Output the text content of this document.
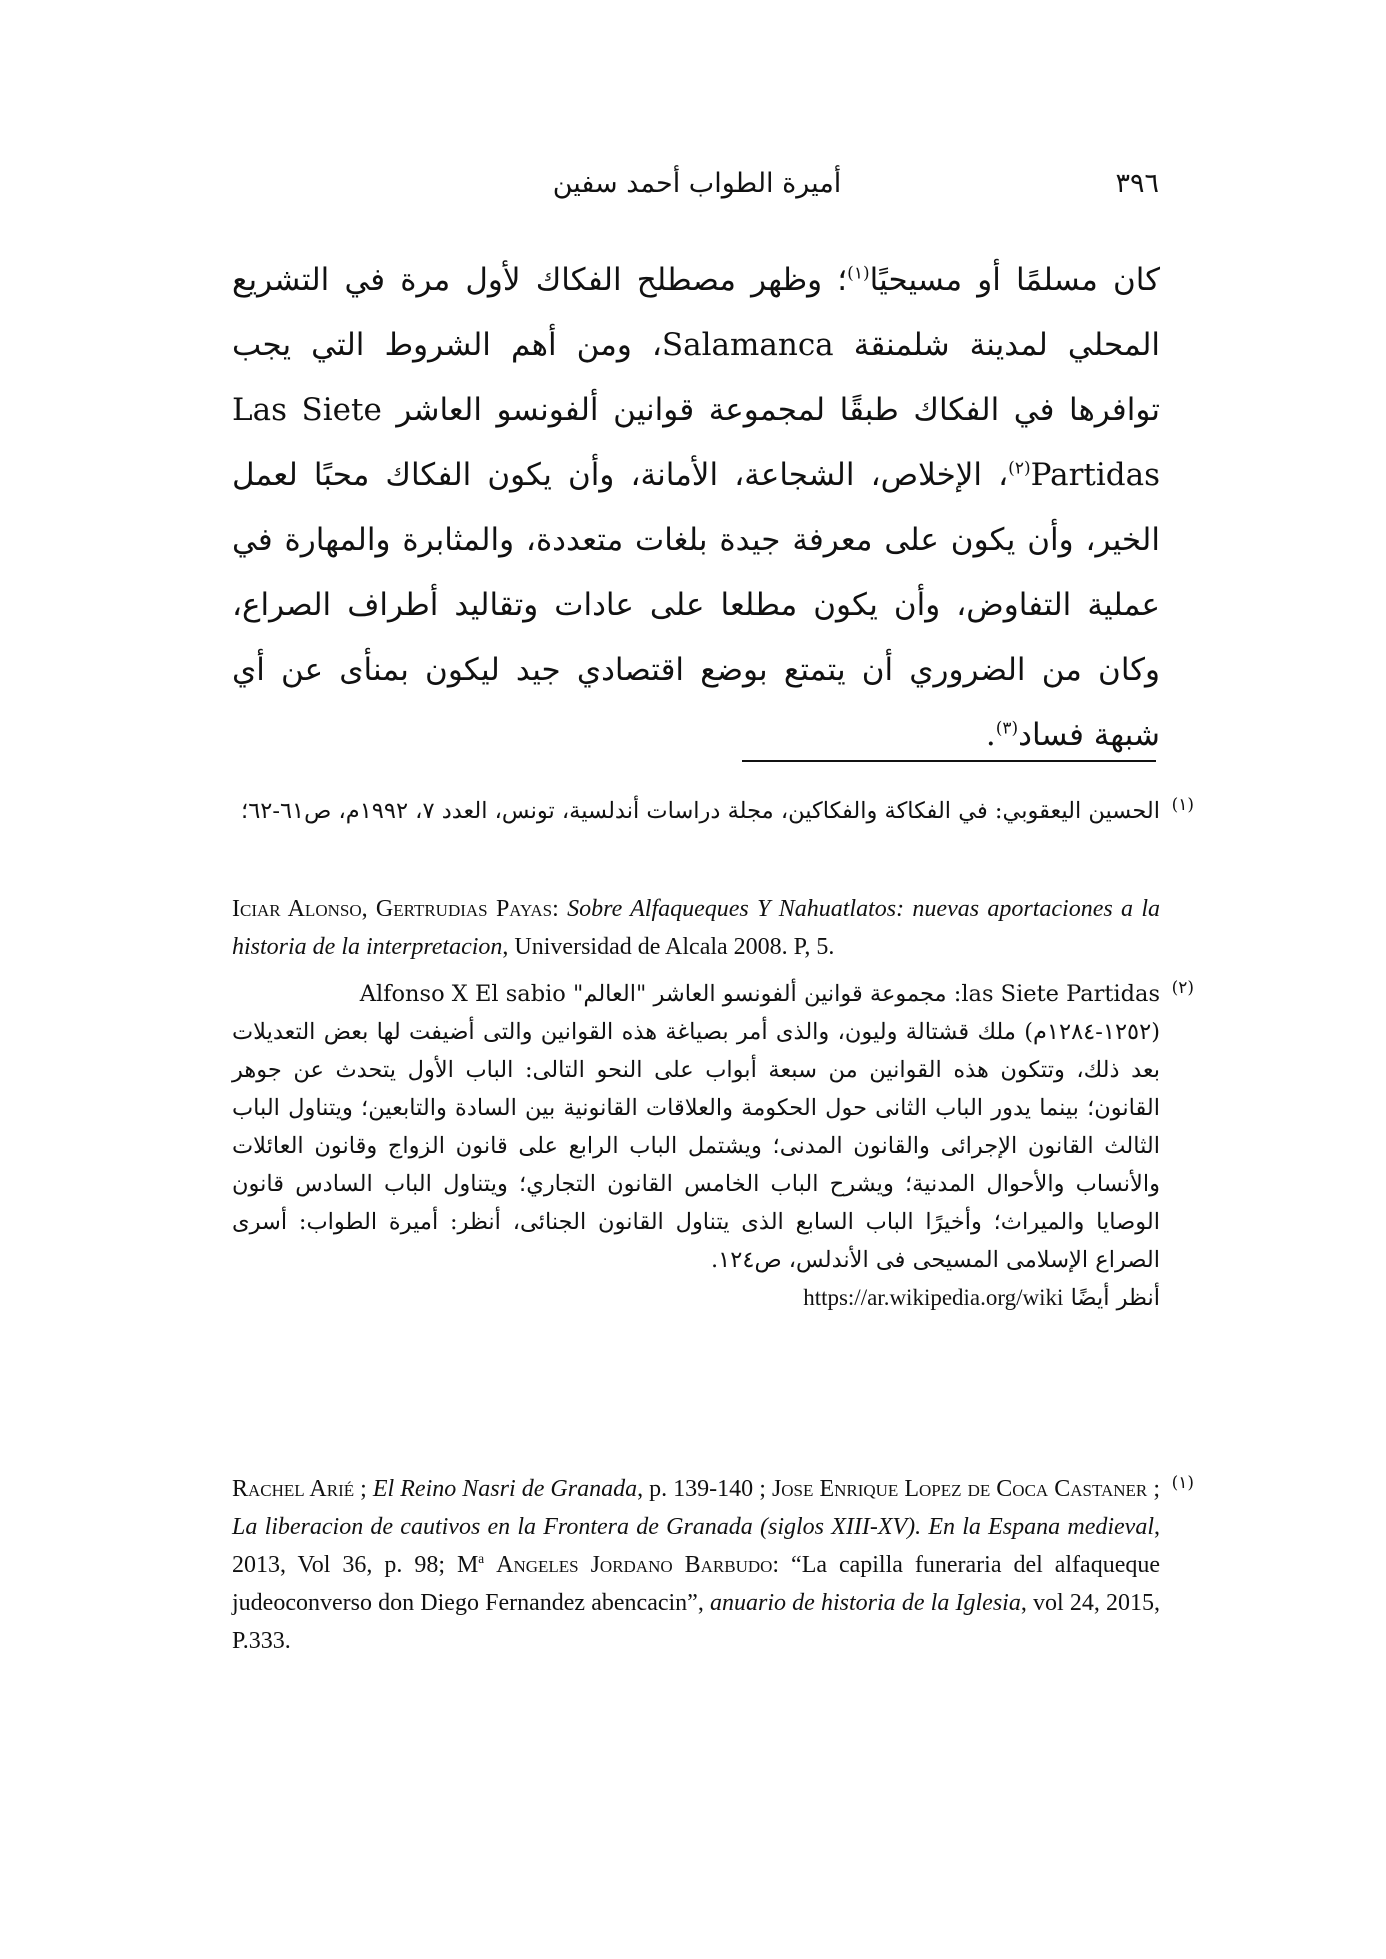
٣٩٦
أميرة الطواب أحمد سفين

كان مسلمًا أو مسيحيًا$^{(١)}$؛ وظهر مصطلح الفكاك لأول مرة في التشريع المحلي لمدينة شلمنقة Salamanca، ومن أهم الشروط التي يجب توافرها في الفكاك طبقًا لمجموعة قوانين ألفونسو العاشر Las Siete Partidas$^{(٢)}$، الإخلاص، الشجاعة، الأمانة، وأن يكون الفكاك محبًا لعمل الخير، وأن يكون على معرفة جيدة بلغات متعددة، والمثابرة والمهارة في عملية التفاوض، وأن يكون مطلعا على عادات وتقاليد أطراف الصراع، وكان من الضروري أن يتمتع بوضع اقتصادي جيد ليكون بمنأى عن أي شبهة فساد$^{(٣)}$.

(١)
الحسين اليعقوبي: في الفكاكة والفكاكين، مجلة دراسات أندلسية، تونس، العدد ٧، ١٩٩٢م، ص٦١-٦٢؛
Iciar Alonso, Gertrudias Payas: Sobre Alfaqueques Y Nahuatlatos: nuevas aportaciones a la historia de la interpretacion, Universidad de Alcala 2008. P, 5.
(٢)
las Siete Partidas: مجموعة قوانين ألفونسو العاشر "العالم" Alfonso X El sabio
(١٢٥٢-١٢٨٤م) ملك قشتالة وليون، والذى أمر بصياغة هذه القوانين والتى أضيفت لها بعض التعديلات بعد ذلك، وتتكون هذه القوانين من سبعة أبواب على النحو التالى: الباب الأول يتحدث عن جوهر القانون؛ بينما يدور الباب الثانى حول الحكومة والعلاقات القانونية بين السادة والتابعين؛ ويتناول الباب الثالث القانون الإجرائى والقانون المدنى؛ ويشتمل الباب الرابع على قانون الزواج وقانون العائلات والأنساب والأحوال المدنية؛ ويشرح الباب الخامس القانون التجاري؛ ويتناول الباب السادس قانون الوصايا والميراث؛ وأخيرًا الباب السابع الذى يتناول القانون الجنائى، أنظر: أميرة الطواب: أسرى الصراع الإسلامى المسيحى فى الأندلس، ص١٢٤.
أنظر أيضًا https://ar.wikipedia.org/wiki
(١)
Rachel Arié ; El Reino Nasri de Granada, p. 139-140 ; Jose Enrique Lopez de Coca Castaner ; La liberacion de cautivos en la Frontera de Granada (siglos XIII-XV). En la Espana medieval, 2013, Vol 36, p. 98; $M^a$ Angeles Jordano Barbudo: “La capilla funeraria del alfaqueque judeoconverso don Diego Fernandez abencacin”, anuario de historia de la Iglesia, vol 24, 2015, P.333.
